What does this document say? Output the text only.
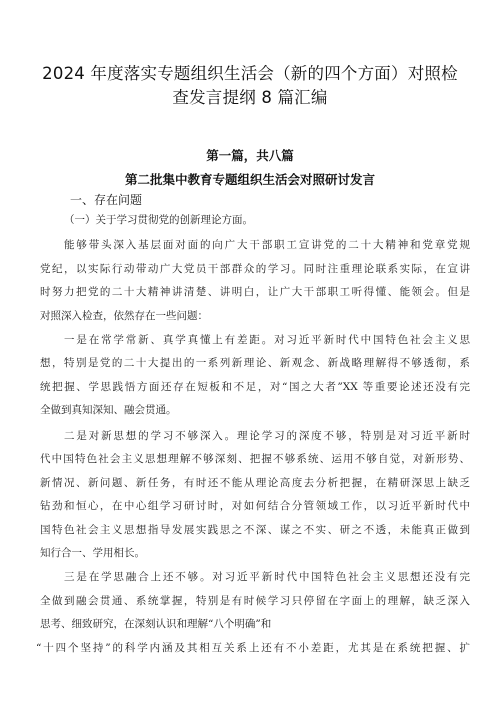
2024 年度落实专题组织生活会（新的四个方面）对照检
查发言提纲 8 篇汇编
第一篇，共八篇
第二批集中教育专题组织生活会对照研讨发言
一、存在问题
（一）关于学习贯彻党的创新理论方面。
能够带头深入基层面对面的向广大干部职工宣讲党的二十大精神和党章党规
党纪，以实际行动带动广大党员干部群众的学习。同时注重理论联系实际，在宣讲
时努力把党的二十大精神讲清楚、讲明白，让广大干部职工听得懂、能领会。但是
对照深入检查，依然存在一些问题：
一是在常学常新、真学真懂上有差距。对习近平新时代中国特色社会主义思
想，特别是党的二十大提出的一系列新理论、新观念、新战略理解得不够透彻，系
统把握、学思践悟方面还存在短板和不足，对“国之大者”XX 等重要论述还没有完
全做到真知深知、融会贯通。
二是对新思想的学习不够深入。理论学习的深度不够，特别是对习近平新时
代中国特色社会主义思想理解不够深刻、把握不够系统、运用不够自觉，对新形势、
新情况、新问题、新任务，有时还不能从理论高度去分析把握，在精研深思上缺乏
钻劲和恒心，在中心组学习研讨时，对如何结合分管领域工作，以习近平新时代中
国特色社会主义思想指导发展实践思之不深、谋之不实、研之不透，未能真正做到
知行合一、学用相长。
三是在学思融合上还不够。对习近平新时代中国特色社会主义思想还没有完
全做到融会贯通、系统掌握，特别是有时候学习只停留在字面上的理解，缺乏深入
思考、细致研究，在深刻认识和理解“八个明确”和
“十四个坚持”的科学内涵及其相互关系上还有不小差距，尤其是在系统把握、扩
